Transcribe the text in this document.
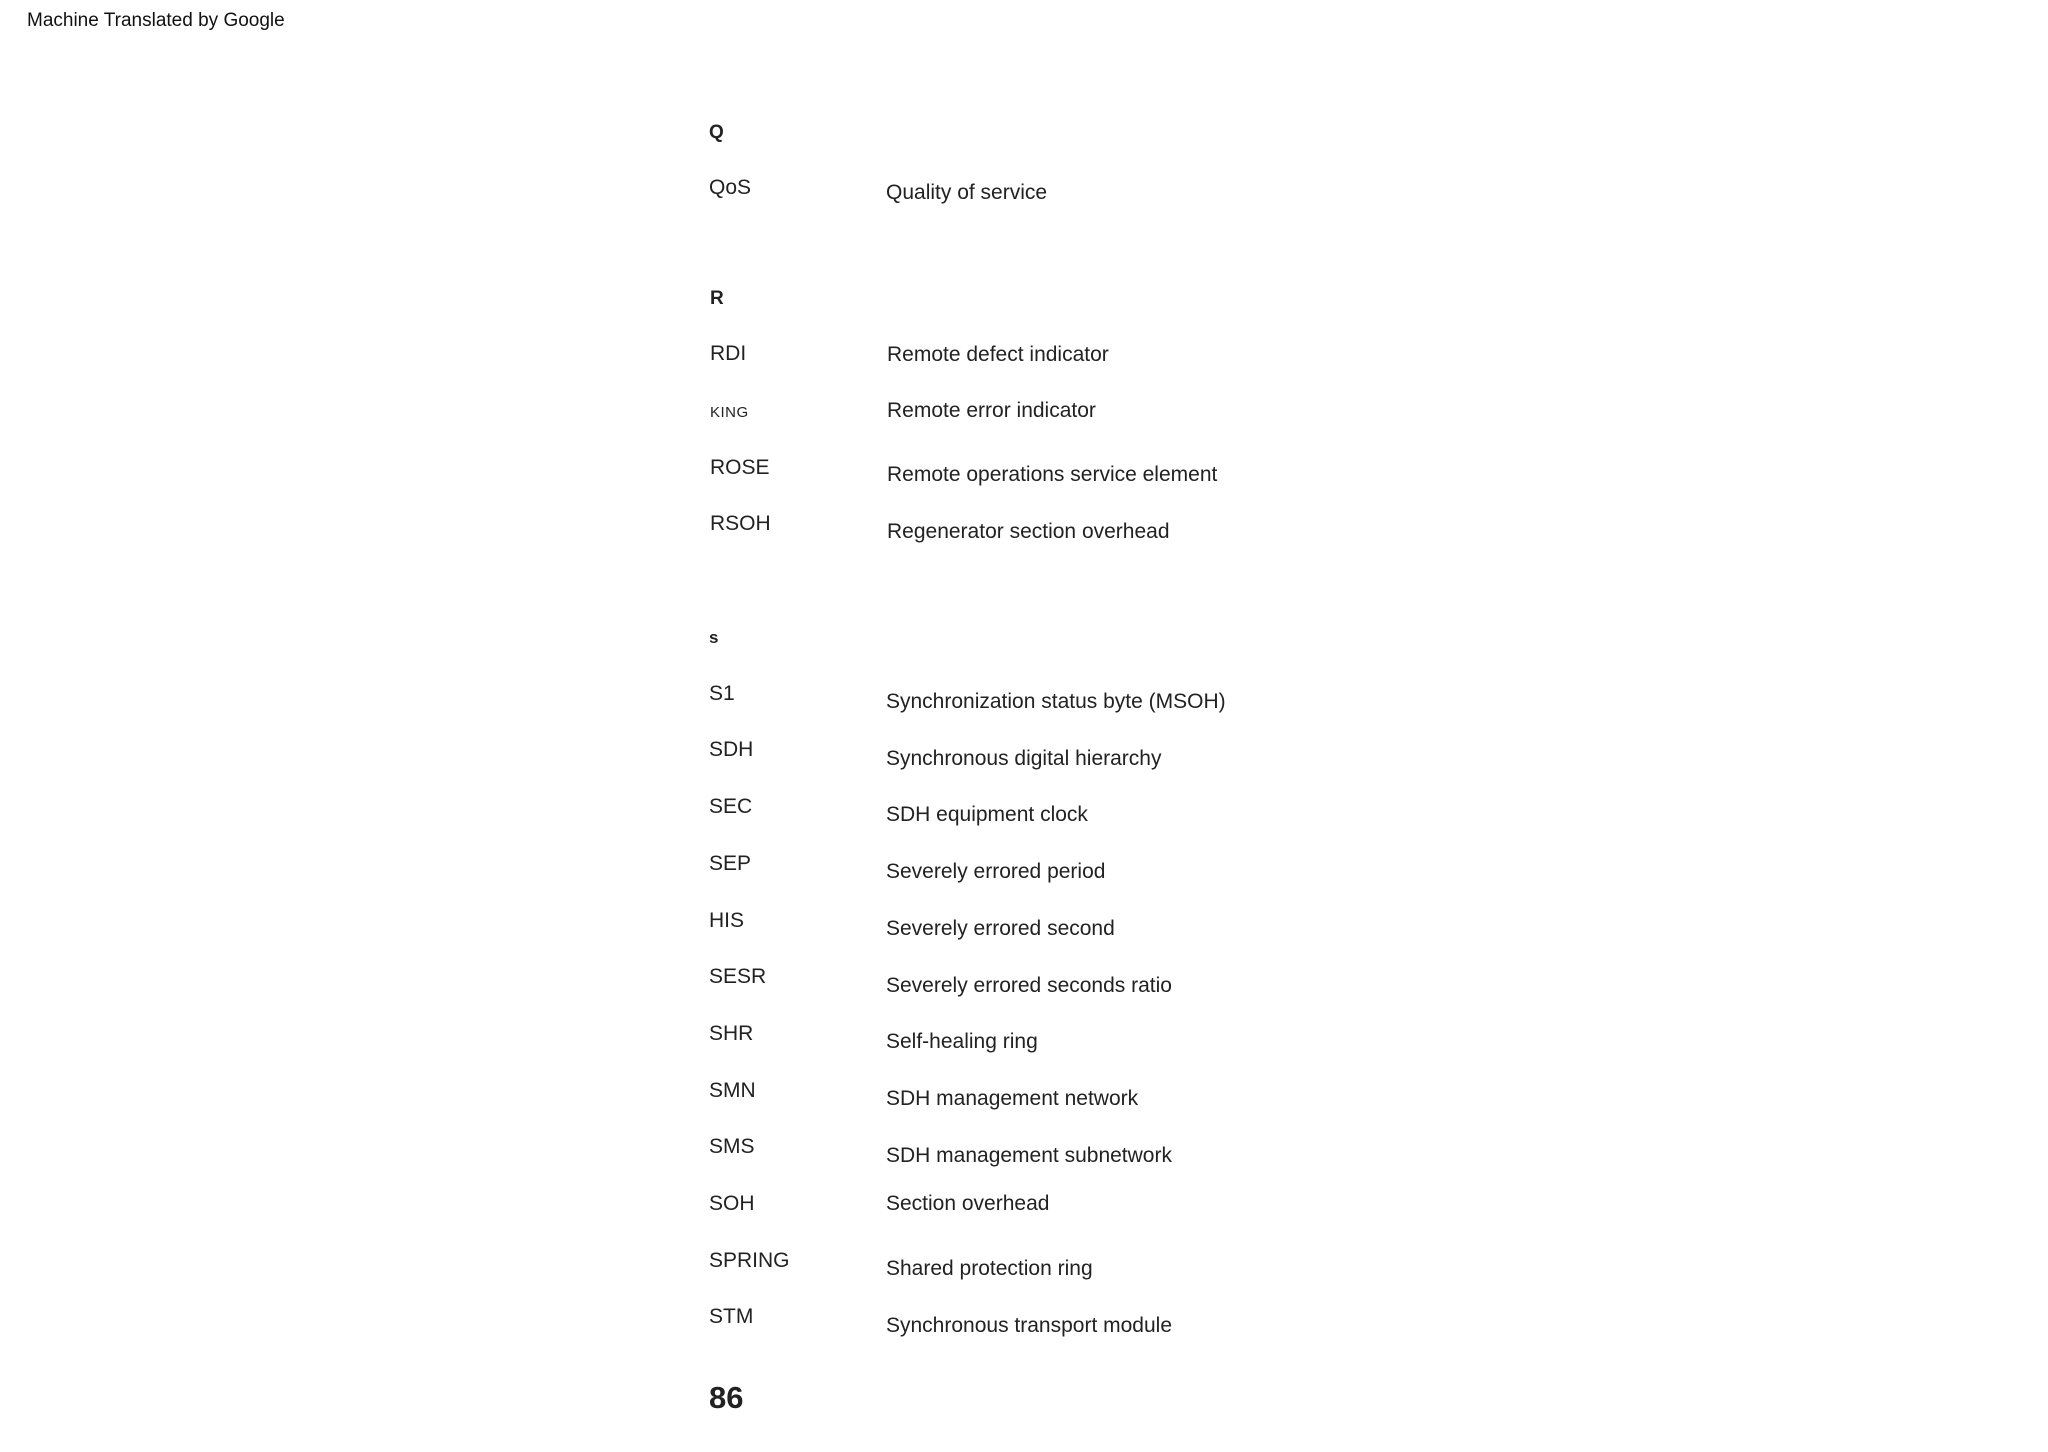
Machine Translated by Google
Q
QoS	Quality of service
R
RDI	Remote defect indicator
KING	Remote error indicator
ROSE	Remote operations service element
RSOH	Regenerator section overhead
s
S1	Synchronization status byte (MSOH)
SDH	Synchronous digital hierarchy
SEC	SDH equipment clock
SEP	Severely errored period
HIS	Severely errored second
SESR	Severely errored seconds ratio
SHR	Self-healing ring
SMN	SDH management network
SMS	SDH management subnetwork
SOH	Section overhead
SPRING	Shared protection ring
STM	Synchronous transport module
86
